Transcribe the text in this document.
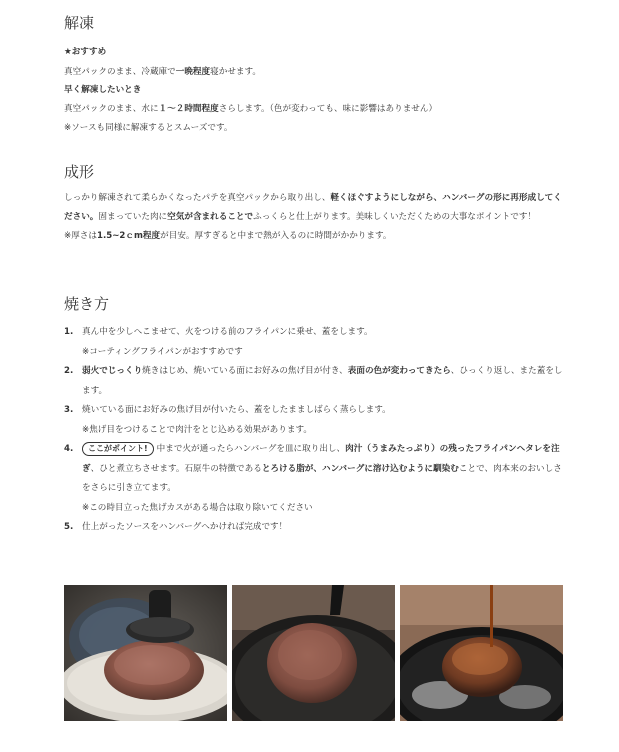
解凍
★おすすめ
真空パックのまま、冷蔵庫で一晩程度寝かせます。
早く解凍したいとき
真空パックのまま、水に１～２時間程度さらします。（色が変わっても、味に影響はありません）
※ソースも同様に解凍するとスムーズです。
成形
しっかり解凍されて柔らかくなったパテを真空パックから取り出し、軽くほぐすようにしながら、ハンバーグの形に再形成してください。固まっていた肉に空気が含まれることでふっくらと仕上がります。美味しくいただくための大事なポイントです！
※厚さは1.5~2ｃm程度が目安。厚すぎると中まで熱が入るのに時間がかかります。
焼き方
1. 真ん中を少しへこませて、火をつける前のフライパンに乗せ、蓋をします。
※コーティングフライパンがおすすめです
2. 弱火でじっくり焼きはじめ、焼いている面にお好みの焦げ目が付き、表面の色が変わってきたら、ひっくり返し、また蓋をします。
3. 焼いている面にお好みの焦げ目が付いたら、蓋をしたまましばらく蒸らします。
※焦げ目をつけることで肉汁をとじ込める効果があります。
4. ここがポイント! 中まで火が通ったらハンバーグを皿に取り出し、肉汁（うまみたっぷり）の残ったフライパンへタレを注ぎ、ひと煮立ちさせます。石原牛の特徴であるとろける脂が、ハンバーグに溶け込むように馴染むことで、肉本来のおいしさをさらに引き立てます。
※この時目立った焦げカスがある場合は取り除いてください
5. 仕上がったソースをハンバーグへかければ完成です！
